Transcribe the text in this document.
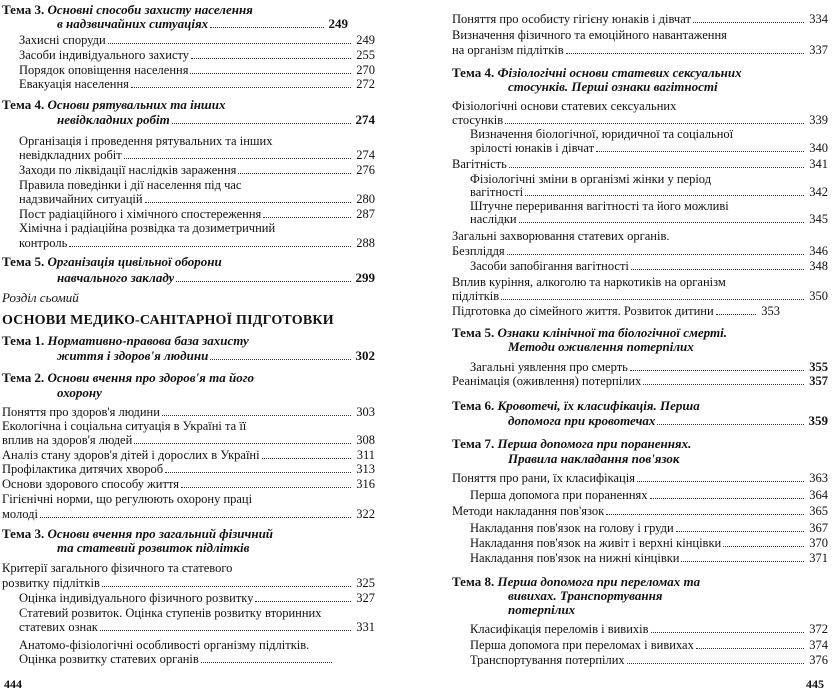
Тема 3. Основні способи захисту населення
в надзвичайних ситуаціях	249
Захисні споруди	249
Засоби індивідуального захисту	255
Порядок оповіщення населення	270
Евакуація населення	272
Тема 4. Основи рятувальних та інших
невідкладних робіт	274
Організація і проведення рятувальних та інших
невідкладних робіт	274
Заходи по ліквідації наслідків зараження	276
Правила поведінки і дії населення під час
надзвичайних ситуацій	280
Пост радіаційного і хімічного спостереження	287
Хімічна і радіаційна розвідка та дозиметричний
контроль	288
Тема 5. Організація цивільної оборони
навчального закладу	299
Розділ сьомий
ОСНОВИ МЕДИКО-САНІТАРНОЇ ПІДГОТОВКИ
Тема 1. Нормативно-правова база захисту
життя і здоров'я людини	302
Тема 2. Основи вчення про здоров'я та його
охорону
Поняття про здоров'я людини	303
Екологічна і соціальна ситуація в Україні та її
вплив на здоров'я людей	308
Аналіз стану здоров'я дітей і дорослих в Україні	311
Профілактика дитячих хвороб	313
Основи здорового способу життя	316
Гігієнічні норми, що регулюють охорону праці
молоді	322
Тема 3. Основи вчення про загальний фізичний
та статевий розвиток підлітків
Критерії загального фізичного та статевого
розвитку підлітків	325
Оцінка індивідуального фізичного розвитку	327
Статевий розвиток. Оцінка ступенів розвитку вторинних
статевих ознак	331
Анатомо-фізіологічні особливості організму підлітків.
Оцінка розвитку статевих органів
444
Поняття про особисту гігієну юнаків і дівчат	334
Визначення фізичного та емоційного навантаження
на організм підлітків	337
Тема 4. Фізіологічні основи статевих сексуальних
стосунків. Перші ознаки вагітності
Фізіологічні основи статевих сексуальних
стосунків	339
Визначення біологічної, юридичної та соціальної
зрілості юнаків і дівчат	340
Вагітність	341
Фізіологічні зміни в організмі жінки у період
вагітності	342
Штучне переривання вагітності та його можливі
наслідки	345
Загальні захворювання статевих органів.
Безпліддя	346
Засоби запобігання вагітності	348
Вплив куріння, алкоголю та наркотиків на організм
підлітків	350
Підготовка до сімейного життя. Розвиток дитини	353
Тема 5. Ознаки клінічної та біологічної смерті.
Методи оживлення потерпілих
Загальні уявлення про смерть	355
Реанімація (оживлення) потерпілих	357
Тема 6. Кровотечі, їх класифікація. Перша
допомога при кровотечах	359
Тема 7. Перша допомога при пораненнях.
Правила накладання пов'язок
Поняття про рани, їх класифікація	363
Перша допомога при пораненнях	364
Методи накладання пов'язок	365
Накладання пов'язок на голову і груди	367
Накладання пов'язок на живіт і верхні кінцівки	370
Накладання пов'язок на нижні кінцівки	371
Тема 8. Перша допомога при переломах та
вивихах. Транспортування
потерпілих
Класифікація переломів і вивихів	372
Перша допомога при переломах і вивихах	374
Транспортування потерпілих	376
445
